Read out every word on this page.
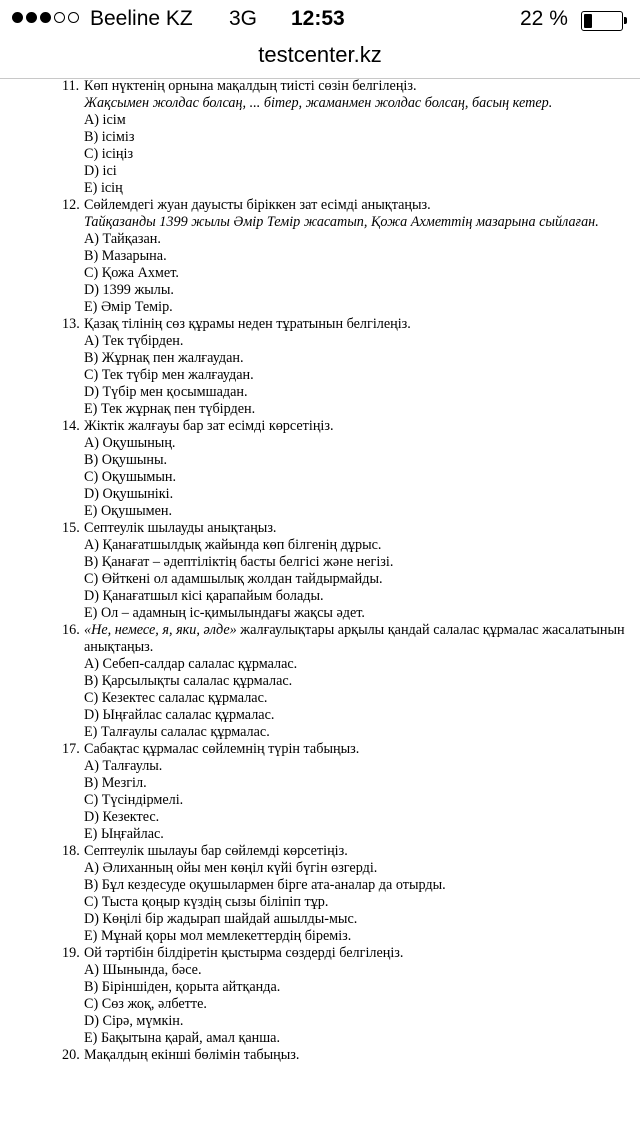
Beeline KZ 3G 12:53	22 %
testcenter.kz
11. Көп нүктенің орнына мақалдың тиісті сөзін белгілеңіз.
Жақсымен жолдас болсаң, ... бітер, жаманмен жолдас болсаң, басың кетер.
A) ісім
B) ісіміз
C) ісіңіз
D) ісі
E) ісің
12. Сөйлемдегі жуан дауысты біріккен зат есімді анықтаңыз.
Тайқазанды 1399 жылы Әмір Темір жасатып, Қожа Ахметтің мазарына сыйлаған.
A) Тайқазан.
B) Мазарына.
C) Қожа Ахмет.
D) 1399 жылы.
E) Әмір Темір.
13. Қазақ тілінің сөз құрамы неден тұратынын белгілеңіз.
A) Тек түбірден.
B) Жұрнақ пен жалғаудан.
C) Тек түбір мен жалғаудан.
D) Түбір мен қосымшадан.
E) Тек жұрнақ пен түбірден.
14. Жіктік жалғауы бар зат есімді көрсетіңіз.
A) Оқушының.
B) Оқушыны.
C) Оқушымын.
D) Оқушынікі.
E) Оқушымен.
15. Септеулік шылауды анықтаңыз.
A) Қанағатшылдық жайында көп білгенің дұрыс.
B) Қанағат – әдептіліктің басты белгісі және негізі.
C) Өйткені ол адамшылық жолдан тайдырмайды.
D) Қанағатшыл кісі қарапайым болады.
E) Ол – адамның іс-қимылындағы жақсы әдет.
16. «Не, немесе, я, яки, әлде» жалғаулықтары арқылы қандай салалас құрмалас жасалатынын анықтаңыз.
A) Себеп-салдар салалас құрмалас.
B) Қарсылықты салалас құрмалас.
C) Кезектес салалас құрмалас.
D) Ыңғайлас салалас құрмалас.
E) Талғаулы салалас құрмалас.
17. Сабақтас құрмалас сөйлемнің түрін табыңыз.
A) Талғаулы.
B) Мезгіл.
C) Түсіндірмелі.
D) Кезектес.
E) Ыңғайлас.
18. Септеулік шылауы бар сөйлемді көрсетіңіз.
A) Әлиханның ойы мен көңіл күйі бүгін өзгерді.
B) Бұл кездесуде оқушылармен бірге ата-аналар да отырды.
C) Тыста қоңыр күздің сызы біліпіп тұр.
D) Көңілі бір жадырап шайдай ашылды-мыс.
E) Мұнай қоры мол мемлекеттердің біреміз.
19. Ой тәртібін білдіретін қыстырма сөздерді белгілеңіз.
A) Шынында, бәсе.
B) Біріншіден, қорыта айтқанда.
C) Сөз жоқ, әлбетте.
D) Сірә, мүмкін.
E) Бақытына қарай, амал қанша.
20. Мақалдың екінші бөлімін табыңыз.
